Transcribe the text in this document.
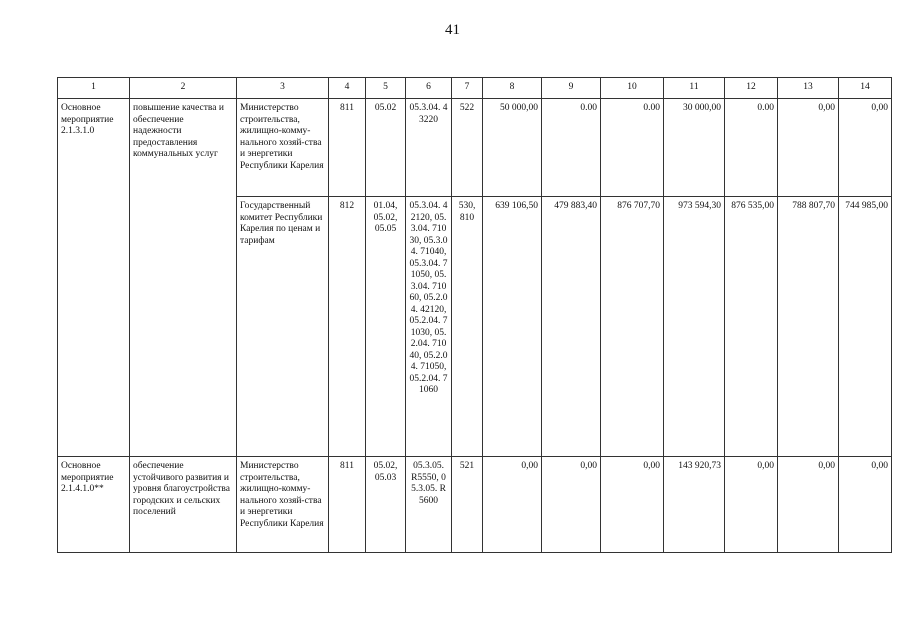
41
1	2	3	4	5	6	7	8	9	10	11	12	13	14
Основное мероприятие 2.1.3.1.0	повышение качества и обеспечение надежности предоставления коммунальных услуг	Министерство строительства, жилищно-комму-нального хозяй-ства и энергетики Республики Карелия	811	05.02	05.3.04. 43220	522	50 000,00	0.00	0.00	30 000,00	0.00	0,00	0,00
		Государственный комитет Республики Карелия по ценам и тарифам	812	01.04, 05.02, 05.05	05.3.04. 42120, 05.3.04. 71030, 05.3.04. 71040, 05.3.04. 71050, 05.3.04. 71060, 05.2.04. 42120, 05.2.04. 71030, 05.2.04. 71040, 05.2.04. 71050, 05.2.04. 71060	530, 810	639 106,50	479 883,40	876 707,70	973 594,30	876 535,00	788 807,70	744 985,00
Основное мероприятие 2.1.4.1.0**	обеспечение устойчивого развития и уровня благоустройства городских и сельских поселений	Министерство строительства, жилищно-комму-нального хозяй-ства и энергетики Республики Карелия	811	05.02, 05.03	05.3.05. R5550, 05.3.05. R5600	521	0,00	0,00	0,00	143 920,73	0,00	0,00	0,00
